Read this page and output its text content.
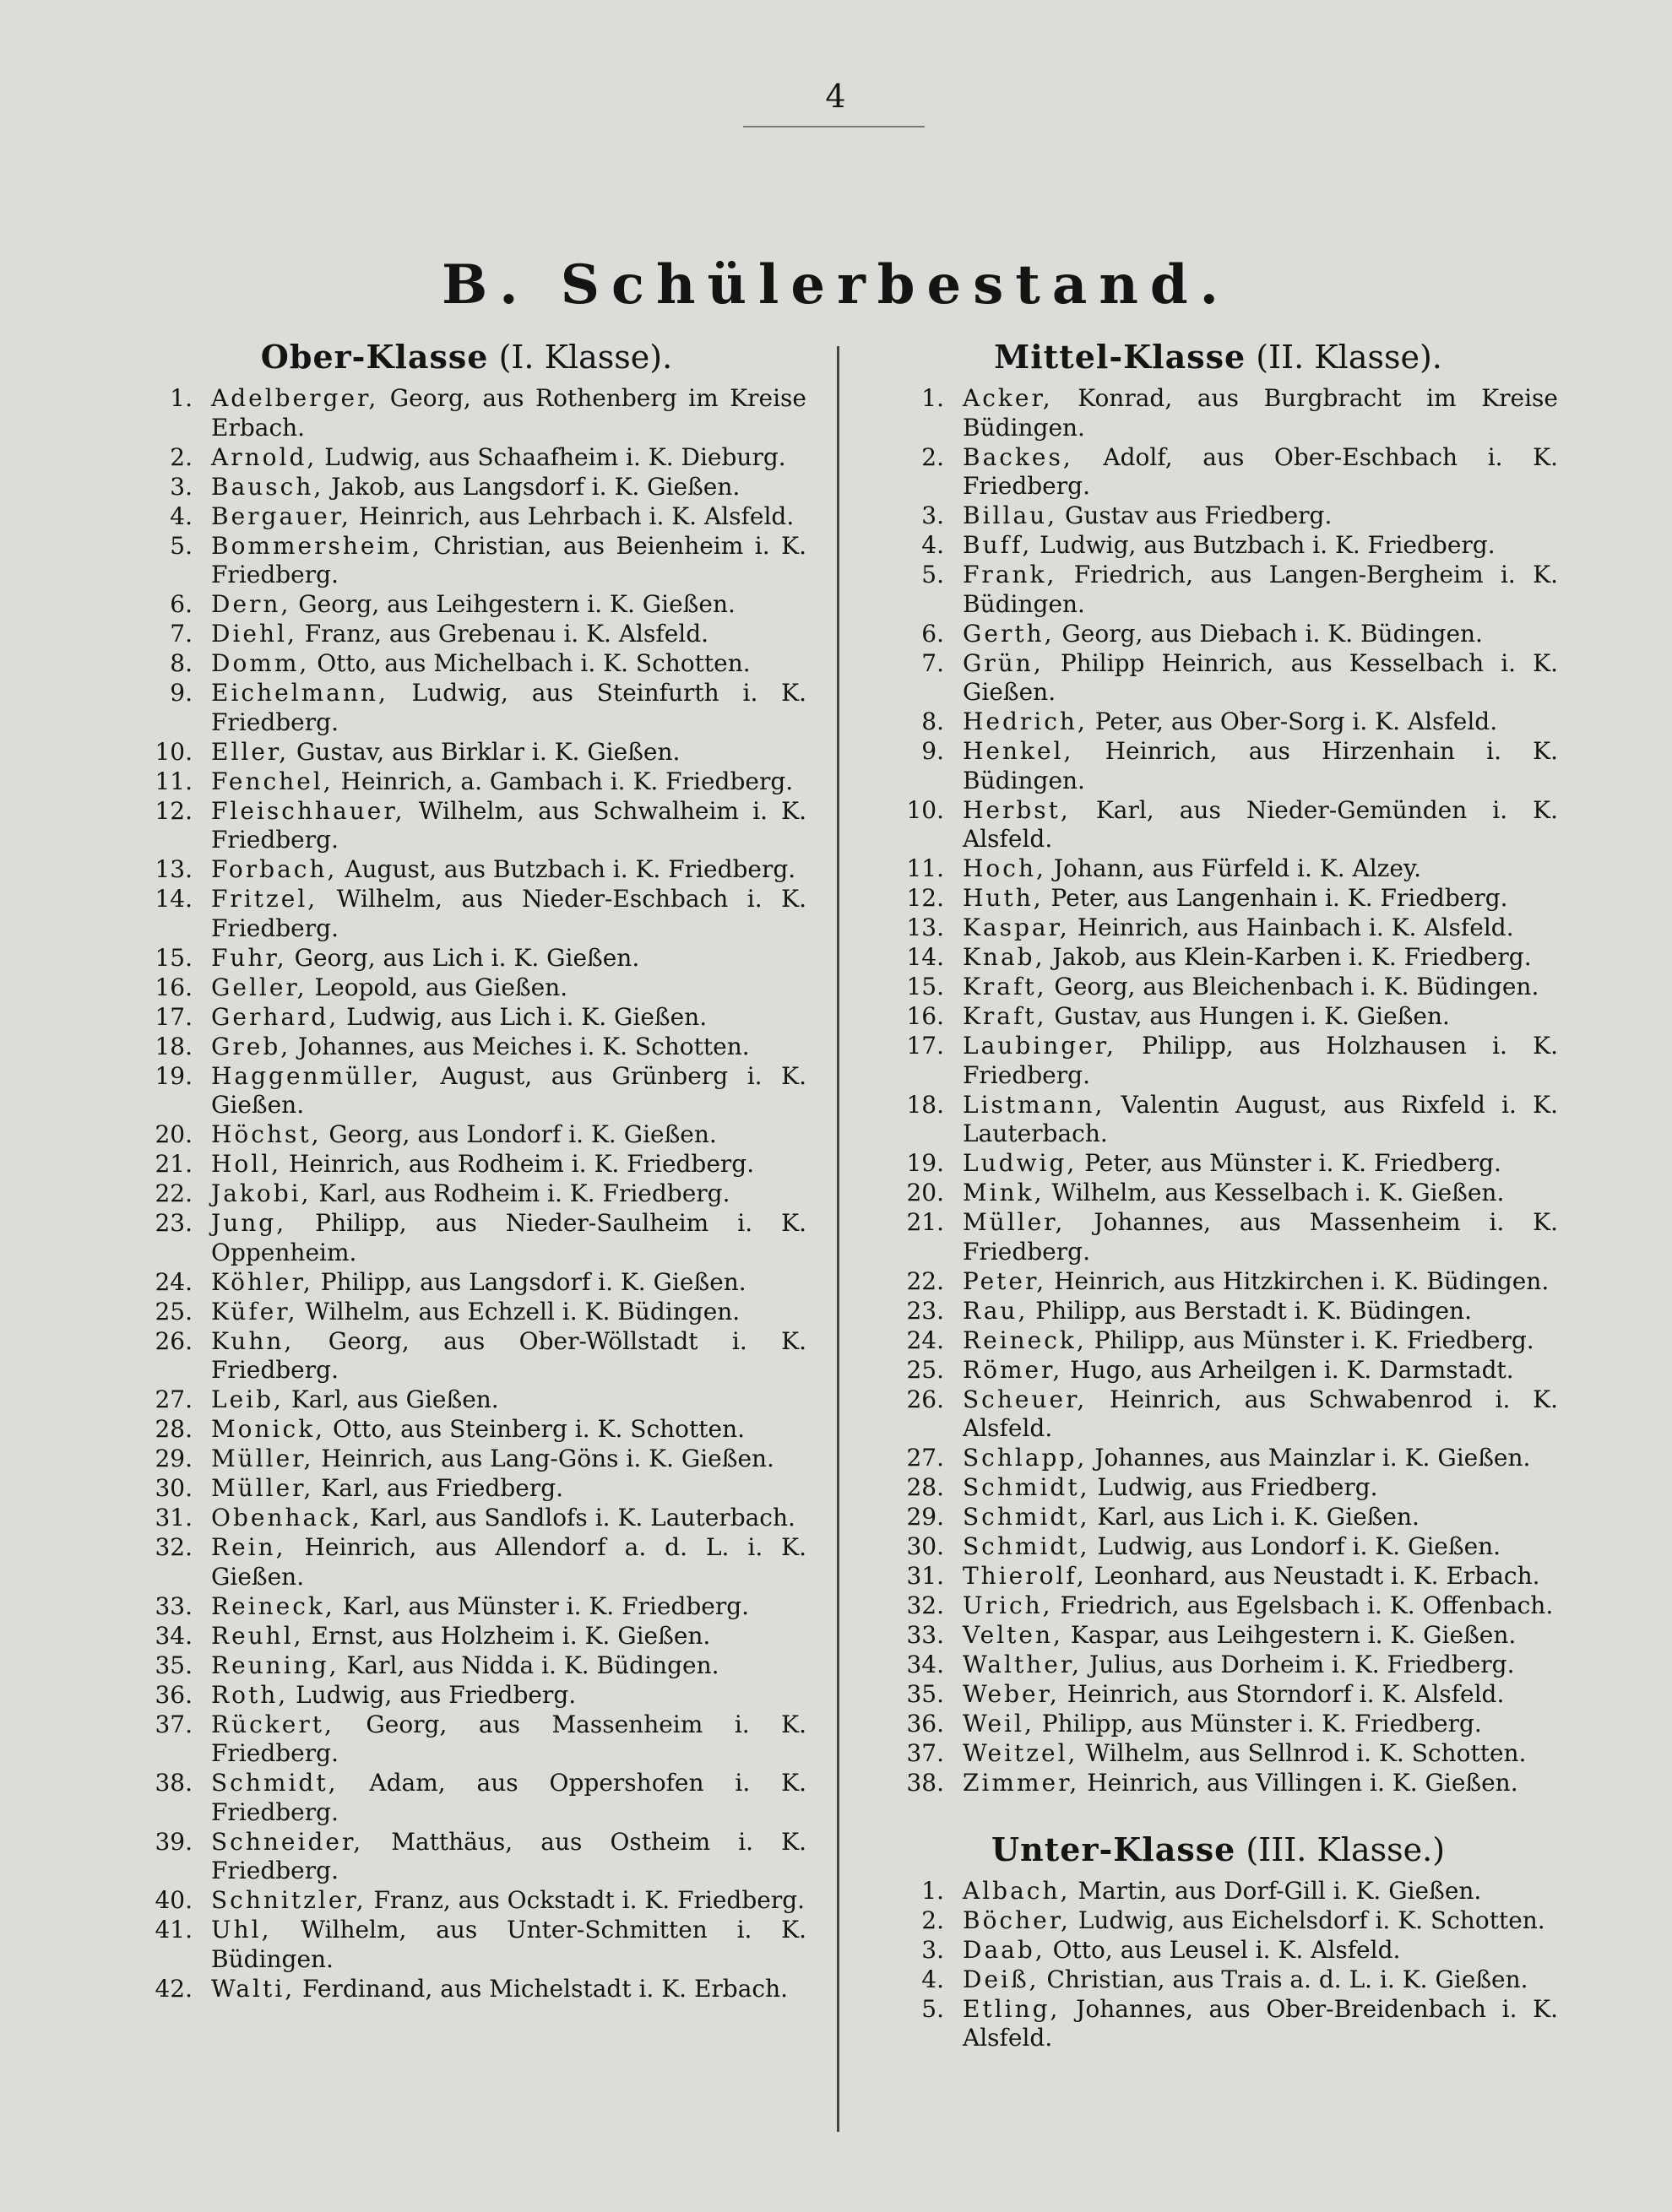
4
B. Schülerbestand.
Ober-Klasse (I. Klasse).
1. Adelberger, Georg, aus Rothenberg im Kreise Erbach.
2. Arnold, Ludwig, aus Schaafheim i. K. Dieburg.
3. Bausch, Jakob, aus Langsdorf i. K. Gießen.
4. Bergauer, Heinrich, aus Lehrbach i. K. Alsfeld.
5. Bommersheim, Christian, aus Beienheim i. K. Friedberg.
6. Dern, Georg, aus Leihgestern i. K. Gießen.
7. Diehl, Franz, aus Grebenau i. K. Alsfeld.
8. Domm, Otto, aus Michelbach i. K. Schotten.
9. Eichelmann, Ludwig, aus Steinfurth i. K. Friedberg.
10. Eller, Gustav, aus Birklar i. K. Gießen.
11. Fenchel, Heinrich, a. Gambach i. K. Friedberg.
12. Fleischhauer, Wilhelm, aus Schwalheim i. K. Friedberg.
13. Forbach, August, aus Butzbach i. K. Friedberg.
14. Fritzel, Wilhelm, aus Nieder-Eschbach i. K. Friedberg.
15. Fuhr, Georg, aus Lich i. K. Gießen.
16. Geller, Leopold, aus Gießen.
17. Gerhard, Ludwig, aus Lich i. K. Gießen.
18. Greb, Johannes, aus Meiches i. K. Schotten.
19. Haggenmüller, August, aus Grünberg i. K. Gießen.
20. Höchst, Georg, aus Londorf i. K. Gießen.
21. Holl, Heinrich, aus Rodheim i. K. Friedberg.
22. Jakobi, Karl, aus Rodheim i. K. Friedberg.
23. Jung, Philipp, aus Nieder-Saulheim i. K. Oppenheim.
24. Köhler, Philipp, aus Langsdorf i. K. Gießen.
25. Küfer, Wilhelm, aus Echzell i. K. Büdingen.
26. Kuhn, Georg, aus Ober-Wöllstadt i. K. Friedberg.
27. Leib, Karl, aus Gießen.
28. Monick, Otto, aus Steinberg i. K. Schotten.
29. Müller, Heinrich, aus Lang-Göns i. K. Gießen.
30. Müller, Karl, aus Friedberg.
31. Obenhack, Karl, aus Sandlofs i. K. Lauterbach.
32. Rein, Heinrich, aus Allendorf a. d. L. i. K. Gießen.
33. Reineck, Karl, aus Münster i. K. Friedberg.
34. Reuhl, Ernst, aus Holzheim i. K. Gießen.
35. Reuning, Karl, aus Nidda i. K. Büdingen.
36. Roth, Ludwig, aus Friedberg.
37. Rückert, Georg, aus Massenheim i. K. Friedberg.
38. Schmidt, Adam, aus Oppershofen i. K. Friedberg.
39. Schneider, Matthäus, aus Ostheim i. K. Friedberg.
40. Schnitzler, Franz, aus Ockstadt i. K. Friedberg.
41. Uhl, Wilhelm, aus Unter-Schmitten i. K. Büdingen.
42. Walti, Ferdinand, aus Michelstadt i. K. Erbach.
Mittel-Klasse (II. Klasse).
1. Acker, Konrad, aus Burgbracht im Kreise Büdingen.
2. Backes, Adolf, aus Ober-Eschbach i. K. Friedberg.
3. Billau, Gustav aus Friedberg.
4. Buff, Ludwig, aus Butzbach i. K. Friedberg.
5. Frank, Friedrich, aus Langen-Bergheim i. K. Büdingen.
6. Gerth, Georg, aus Diebach i. K. Büdingen.
7. Grün, Philipp Heinrich, aus Kesselbach i. K. Gießen.
8. Hedrich, Peter, aus Ober-Sorg i. K. Alsfeld.
9. Henkel, Heinrich, aus Hirzenhain i. K. Büdingen.
10. Herbst, Karl, aus Nieder-Gemünden i. K. Alsfeld.
11. Hoch, Johann, aus Fürfeld i. K. Alzey.
12. Huth, Peter, aus Langenhain i. K. Friedberg.
13. Kaspar, Heinrich, aus Hainbach i. K. Alsfeld.
14. Knab, Jakob, aus Klein-Karben i. K. Friedberg.
15. Kraft, Georg, aus Bleichenbach i. K. Büdingen.
16. Kraft, Gustav, aus Hungen i. K. Gießen.
17. Laubinger, Philipp, aus Holzhausen i. K. Friedberg.
18. Listmann, Valentin August, aus Rixfeld i. K. Lauterbach.
19. Ludwig, Peter, aus Münster i. K. Friedberg.
20. Mink, Wilhelm, aus Kesselbach i. K. Gießen.
21. Müller, Johannes, aus Massenheim i. K. Friedberg.
22. Peter, Heinrich, aus Hitzkirchen i. K. Büdingen.
23. Rau, Philipp, aus Berstadt i. K. Büdingen.
24. Reineck, Philipp, aus Münster i. K. Friedberg.
25. Römer, Hugo, aus Arheilgen i. K. Darmstadt.
26. Scheuer, Heinrich, aus Schwabenrod i. K. Alsfeld.
27. Schlapp, Johannes, aus Mainzlar i. K. Gießen.
28. Schmidt, Ludwig, aus Friedberg.
29. Schmidt, Karl, aus Lich i. K. Gießen.
30. Schmidt, Ludwig, aus Londorf i. K. Gießen.
31. Thierolf, Leonhard, aus Neustadt i. K. Erbach.
32. Urich, Friedrich, aus Egelsbach i. K. Offenbach.
33. Velten, Kaspar, aus Leihgestern i. K. Gießen.
34. Walther, Julius, aus Dorheim i. K. Friedberg.
35. Weber, Heinrich, aus Storndorf i. K. Alsfeld.
36. Weil, Philipp, aus Münster i. K. Friedberg.
37. Weitzel, Wilhelm, aus Sellnrod i. K. Schotten.
38. Zimmer, Heinrich, aus Villingen i. K. Gießen.
Unter-Klasse (III. Klasse.)
1. Albach, Martin, aus Dorf-Gill i. K. Gießen.
2. Böcher, Ludwig, aus Eichelsdorf i. K. Schotten.
3. Daab, Otto, aus Leusel i. K. Alsfeld.
4. Deiß, Christian, aus Trais a. d. L. i. K. Gießen.
5. Etling, Johannes, aus Ober-Breidenbach i. K. Alsfeld.
